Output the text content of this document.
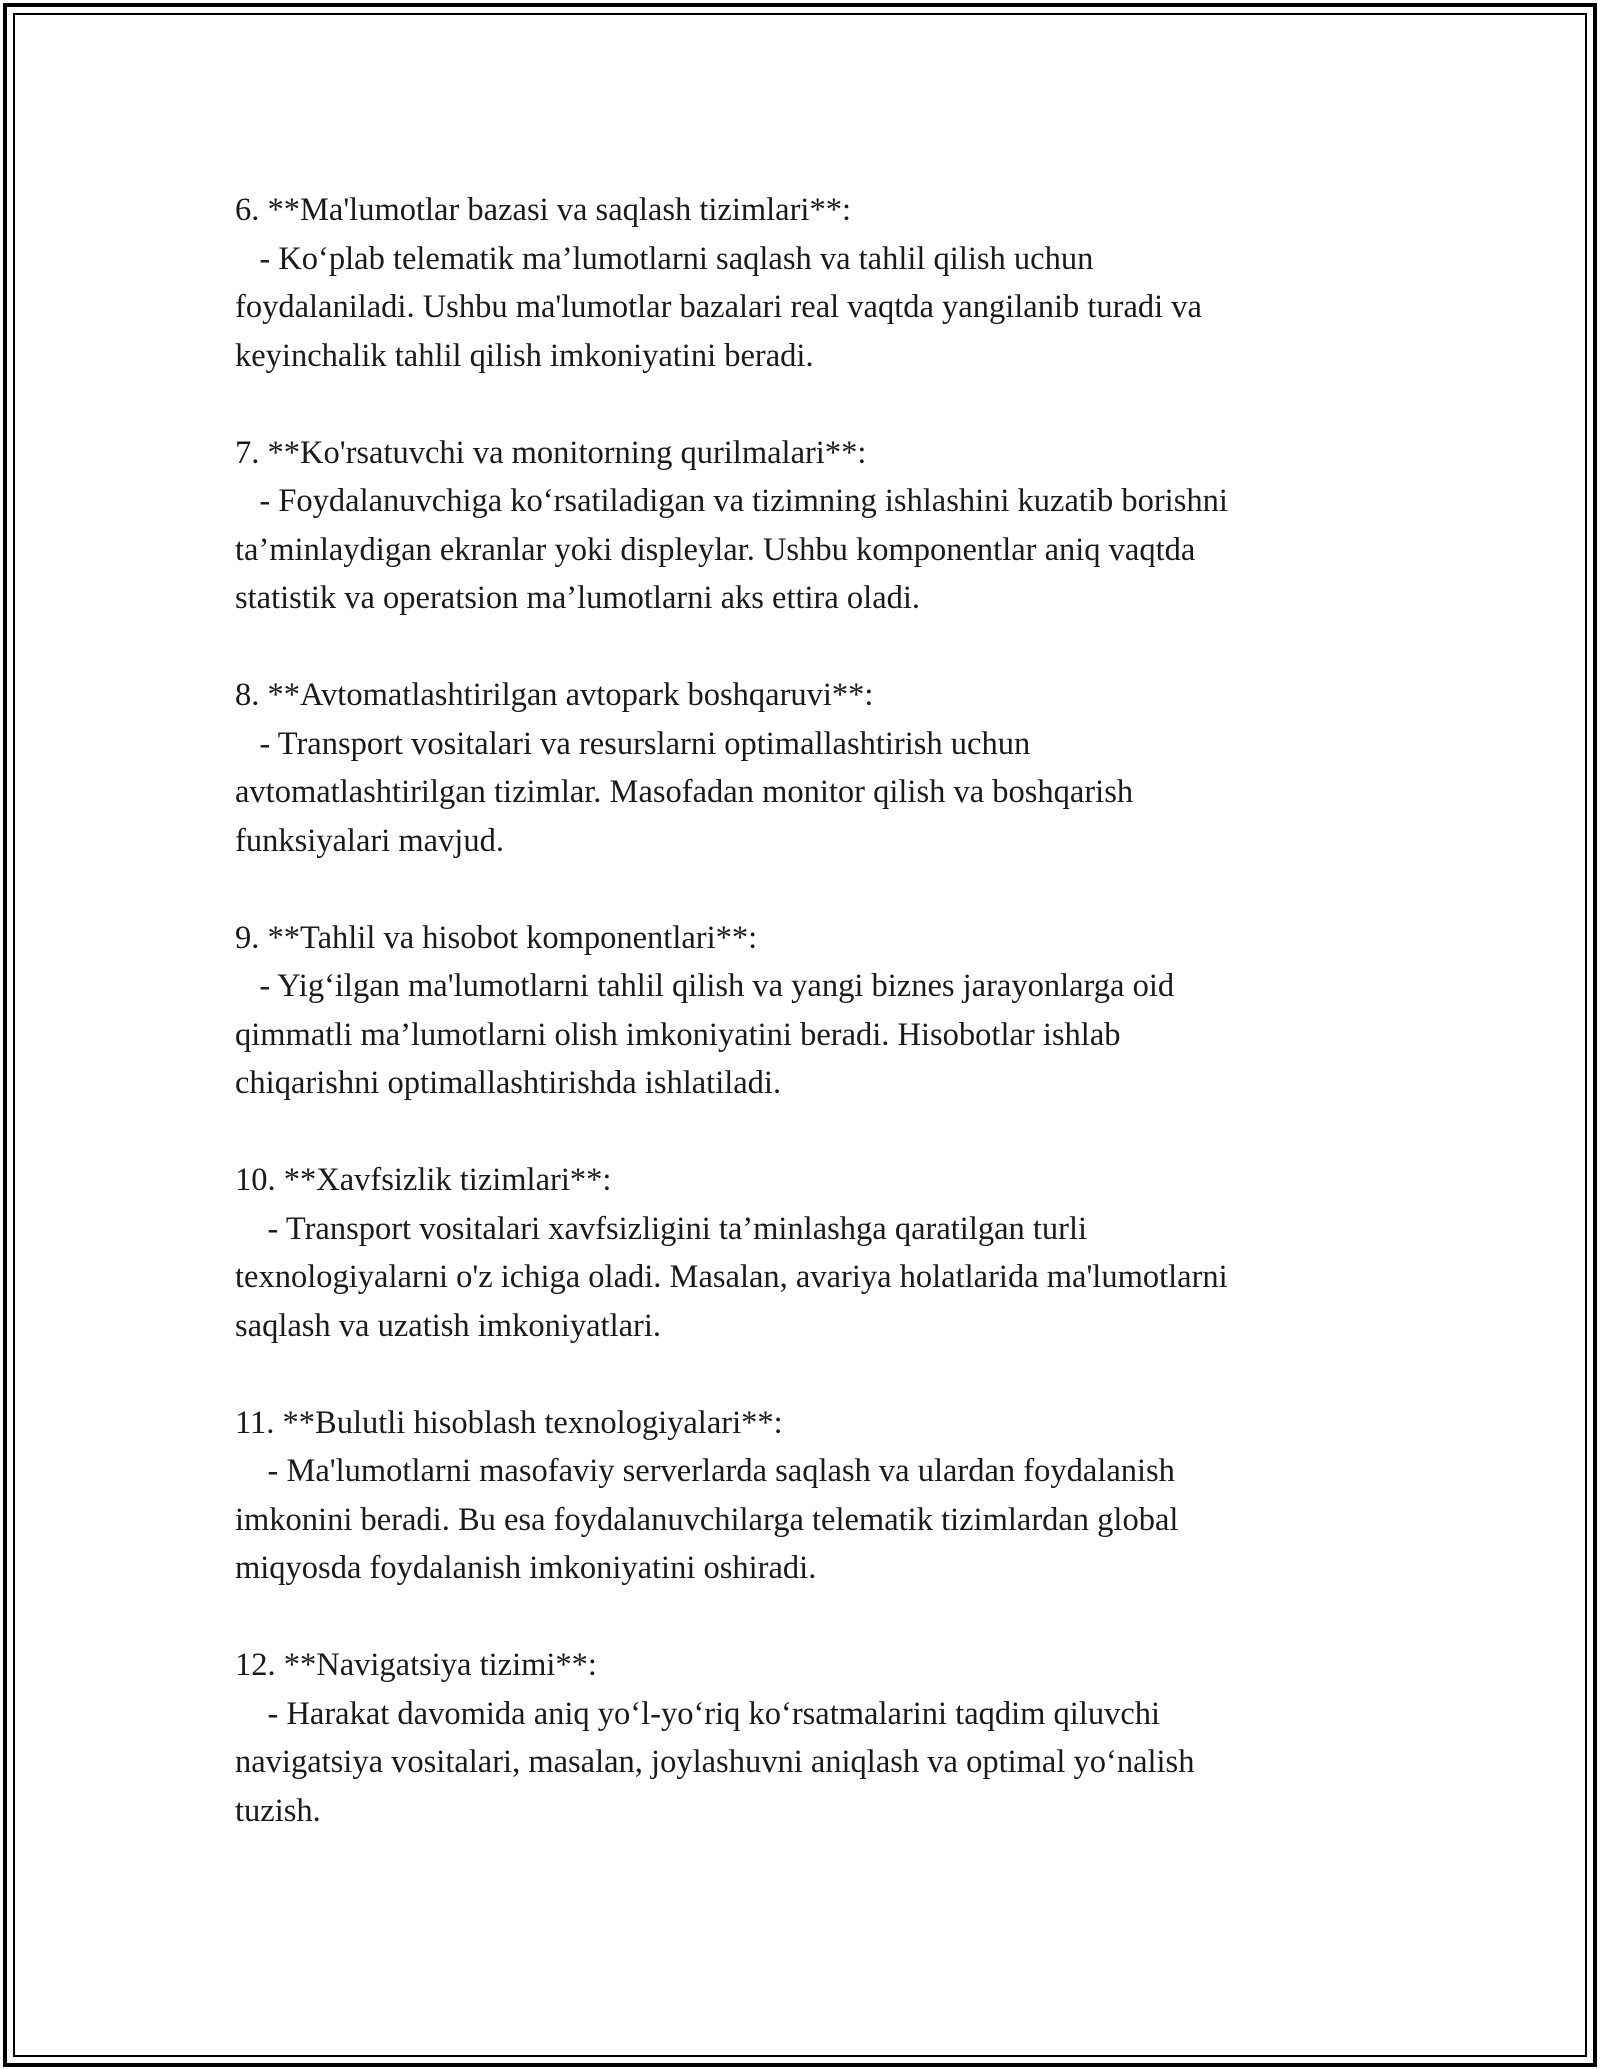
6. **Ma'lumotlar bazasi va saqlash tizimlari**:
- Ko‘plab telematik ma’lumotlarni saqlash va tahlil qilish uchun
foydalaniladi. Ushbu ma'lumotlar bazalari real vaqtda yangilanib turadi va
keyinchalik tahlil qilish imkoniyatini beradi.
7. **Ko'rsatuvchi va monitorning qurilmalari**:
- Foydalanuvchiga ko‘rsatiladigan va tizimning ishlashini kuzatib borishni
ta’minlaydigan ekranlar yoki displeylar. Ushbu komponentlar aniq vaqtda
statistik va operatsion ma’lumotlarni aks ettira oladi.
8. **Avtomatlashtirilgan avtopark boshqaruvi**:
- Transport vositalari va resurslarni optimallashtirish uchun
avtomatlashtirilgan tizimlar. Masofadan monitor qilish va boshqarish
funksiyalari mavjud.
9. **Tahlil va hisobot komponentlari**:
- Yig‘ilgan ma'lumotlarni tahlil qilish va yangi biznes jarayonlarga oid
qimmatli ma’lumotlarni olish imkoniyatini beradi. Hisobotlar ishlab
chiqarishni optimallashtirishda ishlatiladi.
10. **Xavfsizlik tizimlari**:
- Transport vositalari xavfsizligini ta’minlashga qaratilgan turli
texnologiyalarni o'z ichiga oladi. Masalan, avariya holatlarida ma'lumotlarni
saqlash va uzatish imkoniyatlari.
11. **Bulutli hisoblash texnologiyalari**:
- Ma'lumotlarni masofaviy serverlarda saqlash va ulardan foydalanish
imkonini beradi. Bu esa foydalanuvchilarga telematik tizimlardan global
miqyosda foydalanish imkoniyatini oshiradi.
12. **Navigatsiya tizimi**:
- Harakat davomida aniq yo‘l-yo‘riq ko‘rsatmalarini taqdim qiluvchi
navigatsiya vositalari, masalan, joylashuvni aniqlash va optimal yo‘nalish
tuzish.
